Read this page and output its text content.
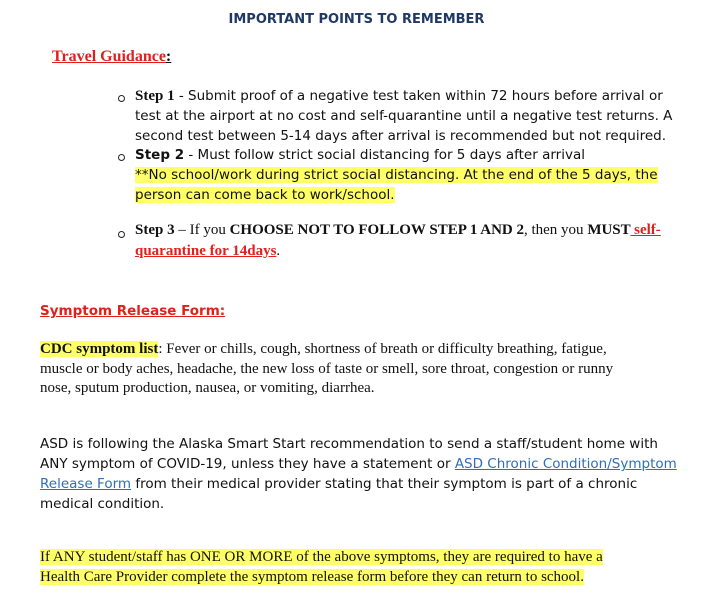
IMPORTANT POINTS TO REMEMBER
Travel Guidance:
Step 1 - Submit proof of a negative test taken within 72 hours before arrival or
test at the airport at no cost and self-quarantine until a negative test returns. A
second test between 5-14 days after arrival is recommended but not required.
Step 2 - Must follow strict social distancing for 5 days after arrival
**No school/work during strict social distancing. At the end of the 5 days, the
person can come back to work/school.
Step 3 – If you CHOOSE NOT TO FOLLOW STEP 1 AND 2, then you MUST self-
quarantine for 14days.
Symptom Release Form:
CDC symptom list: Fever or chills, cough, shortness of breath or difficulty breathing, fatigue,
muscle or body aches, headache, the new loss of taste or smell, sore throat, congestion or runny
nose, sputum production, nausea, or vomiting, diarrhea.
ASD is following the Alaska Smart Start recommendation to send a staff/student home with
ANY symptom of COVID-19, unless they have a statement or ASD Chronic Condition/Symptom
Release Form from their medical provider stating that their symptom is part of a chronic
medical condition.
If ANY student/staff has ONE OR MORE of the above symptoms, they are required to have a
Health Care Provider complete the symptom release form before they can return to school.
